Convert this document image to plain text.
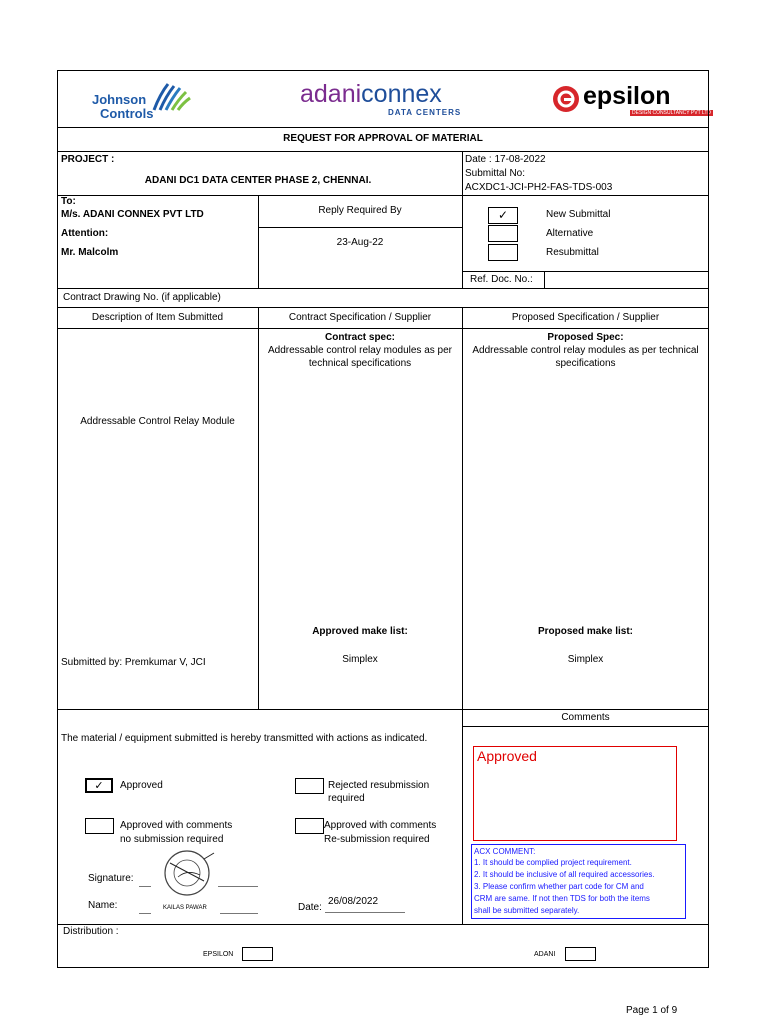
Johnson
Controls
adaniconnex
DATA CENTERS
epsilon
DESIGN CONSULTANCY PVT LTD
REQUEST FOR APPROVAL OF MATERIAL
PROJECT :
ADANI DC1 DATA CENTER PHASE 2, CHENNAI.
Date : 17-08-2022
Submittal No:
ACXDC1-JCI-PH2-FAS-TDS-003
To:
M/s. ADANI CONNEX PVT LTD
Attention:
Mr. Malcolm
Reply Required By
23-Aug-22
✓	New Submittal
Alternative
Resubmittal
Ref. Doc. No.:
Contract Drawing No. (if applicable)
Description of Item Submitted	Contract Specification / Supplier	Proposed Specification / Supplier
Addressable Control Relay Module
Contract spec:
Addressable control relay modules as per
technical specifications
Proposed Spec:
Addressable control relay modules as per technical
specifications
Approved make list:
Simplex
Proposed make list:
Simplex
Submitted by: Premkumar V, JCI
The material / equipment submitted is hereby transmitted with actions as indicated.
✓	Approved	Rejected resubmission
required
Approved with comments
no submission required
Approved with comments
Re-submission required
Signature:
Name:	KAILAS PAWAR	Date:
26/08/2022
Comments
Approved
ACX COMMENT:
1. It should be complied project requirement.
2. It should be inclusive of all required accessories.
3. Please confirm whether part code for CM and
CRM are same. If not then TDS for both the items
shall be submitted separately.
Distribution :
EPSILON	ADANI
Page 1 of 9
